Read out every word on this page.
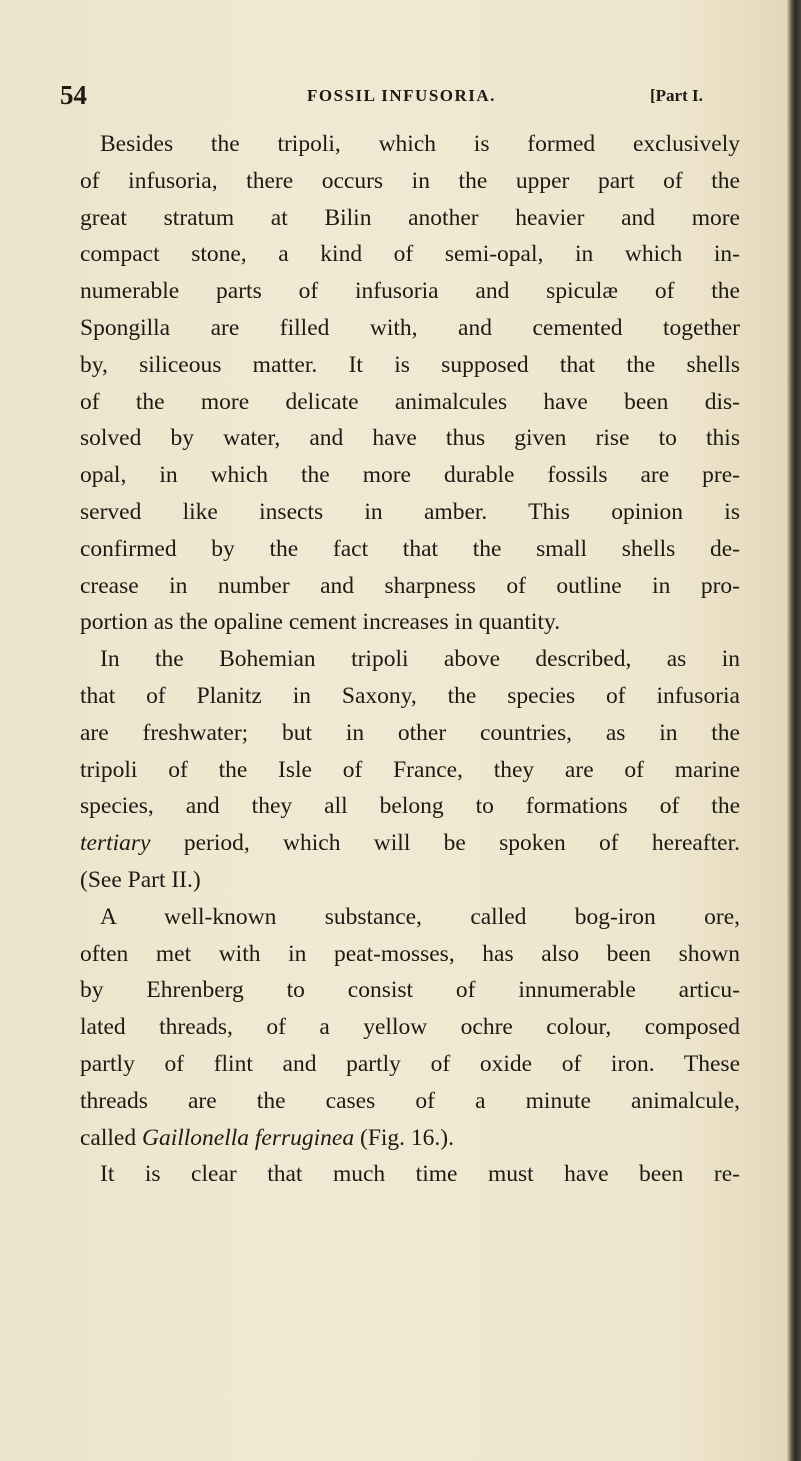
54	FOSSIL INFUSORIA.	[Part I.
Besides the tripoli, which is formed exclusively
of infusoria, there occurs in the upper part of the
great stratum at Bilin another heavier and more
compact stone, a kind of semi-opal, in which in-
numerable parts of infusoria and spiculæ of the
Spongilla are filled with, and cemented together
by, siliceous matter. It is supposed that the shells
of the more delicate animalcules have been dis-
solved by water, and have thus given rise to this
opal, in which the more durable fossils are pre-
served like insects in amber. This opinion is
confirmed by the fact that the small shells de-
crease in number and sharpness of outline in pro-
portion as the opaline cement increases in quantity.
In the Bohemian tripoli above described, as in
that of Planitz in Saxony, the species of infusoria
are freshwater; but in other countries, as in the
tripoli of the Isle of France, they are of marine
species, and they all belong to formations of the
tertiary period, which will be spoken of hereafter.
(See Part II.)
A well-known substance, called bog-iron ore,
often met with in peat-mosses, has also been shown
by Ehrenberg to consist of innumerable articu-
lated threads, of a yellow ochre colour, composed
partly of flint and partly of oxide of iron. These
threads are the cases of a minute animalcule,
called Gaillonella ferruginea (Fig. 16.).
It is clear that much time must have been re-
